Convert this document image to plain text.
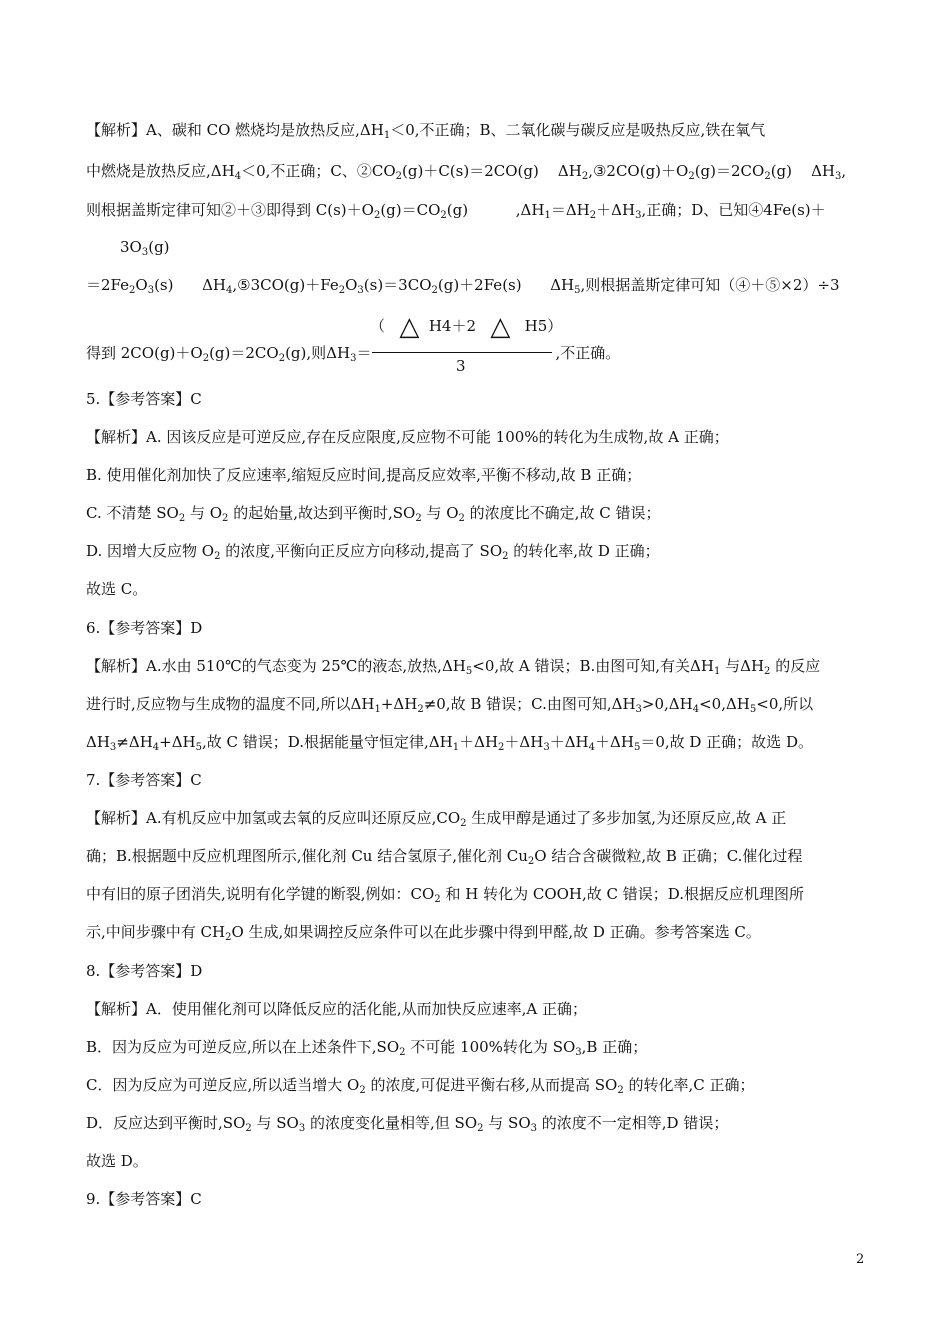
【解析】A、碳和 CO 燃烧均是放热反应$,\Delta H_1<0$,不正确；B、二氧化碳与碳反应是吸热反应,铁在氧气
中燃烧是放热反应$,\Delta H_4<0$,不正确；C、$②CO_2(g)+C(s)=2CO(g)$    $\Delta H_2,③2CO(g)+O_2(g)=2CO_2(g)$    $\Delta H_3$,
则根据盖斯定律可知②＋③即得到 $C(s)+O_2(g)=CO_2(g)$          $,\Delta H_1=\Delta H_2+\Delta H_3$,正确；D、已知④4Fe(s)＋
$3O_3(g)$
$=2Fe_2O_3(s)$      $\Delta H_4,⑤3CO(g)+Fe_2O_3(s)=3CO_2(g)+2Fe(s)$      $\Delta H_5$,则根据盖斯定律可知（④＋⑤×2）÷3
（   △  H4＋2   △   H5）
得到 $2CO(g)+O_2(g)=2CO_2(g)$,则$\Delta H_3=$	,不正确。
3
5.【参考答案】C
【解析】A. 因该反应是可逆反应,存在反应限度,反应物不可能 100%的转化为生成物,故 A 正确；
B. 使用催化剂加快了反应速率,缩短反应时间,提高反应效率,平衡不移动,故 B 正确；
C. 不清楚 $SO_2$ 与 $O_2$ 的起始量,故达到平衡时$,SO_2$ 与 $O_2$ 的浓度比不确定,故 C 错误；
D. 因增大反应物 $O_2$ 的浓度,平衡向正反应方向移动,提高了 $SO_2$ 的转化率,故 D 正确；
故选 C。
6.【参考答案】D
【解析】A.水由 510℃的气态变为 25℃的液态,放热$,\Delta H_5<0$,故 A 错误；B.由图可知,有关$\Delta H_1$ 与$\Delta H_2$ 的反应
进行时,反应物与生成物的温度不同,所以$\Delta H_1+\Delta H_2\ne 0$,故 B 错误；C.由图可知$,\Delta H_3>0,\Delta H_4<0,\Delta H_5<0$,所以
$\Delta H_3\ne\Delta H_4+\Delta H_5$,故 C 错误；D.根据能量守恒定律$,\Delta H_1+\Delta H_2+\Delta H_3+\Delta H_4+\Delta H_5=0$,故 D 正确；故选 D。
7.【参考答案】C
【解析】A.有机反应中加氢或去氧的反应叫还原反应$,CO_2$ 生成甲醇是通过了多步加氢,为还原反应,故 A 正
确；B.根据题中反应机理图所示,催化剂 Cu 结合氢原子,催化剂 $Cu_2O$ 结合含碳微粒,故 B 正确；C.催化过程
中有旧的原子团消失,说明有化学键的断裂,例如：$CO_2$ 和 H 转化为 COOH,故 C 错误；D.根据反应机理图所
示,中间步骤中有 $CH_2O$ 生成,如果调控反应条件可以在此步骤中得到甲醛,故 D 正确。参考答案选 C。
8.【参考答案】D
【解析】A．使用催化剂可以降低反应的活化能,从而加快反应速率,A 正确；
B．因为反应为可逆反应,所以在上述条件下$,SO_2$ 不可能 100%转化为 $SO_3,B$ 正确；
C．因为反应为可逆反应,所以适当增大 $O_2$ 的浓度,可促进平衡右移,从而提高 $SO_2$ 的转化率,C 正确；
D．反应达到平衡时$,SO_2$ 与 $SO_3$ 的浓度变化量相等,但 $SO_2$ 与 $SO_3$ 的浓度不一定相等,D 错误；
故选 D。
9.【参考答案】C
2
